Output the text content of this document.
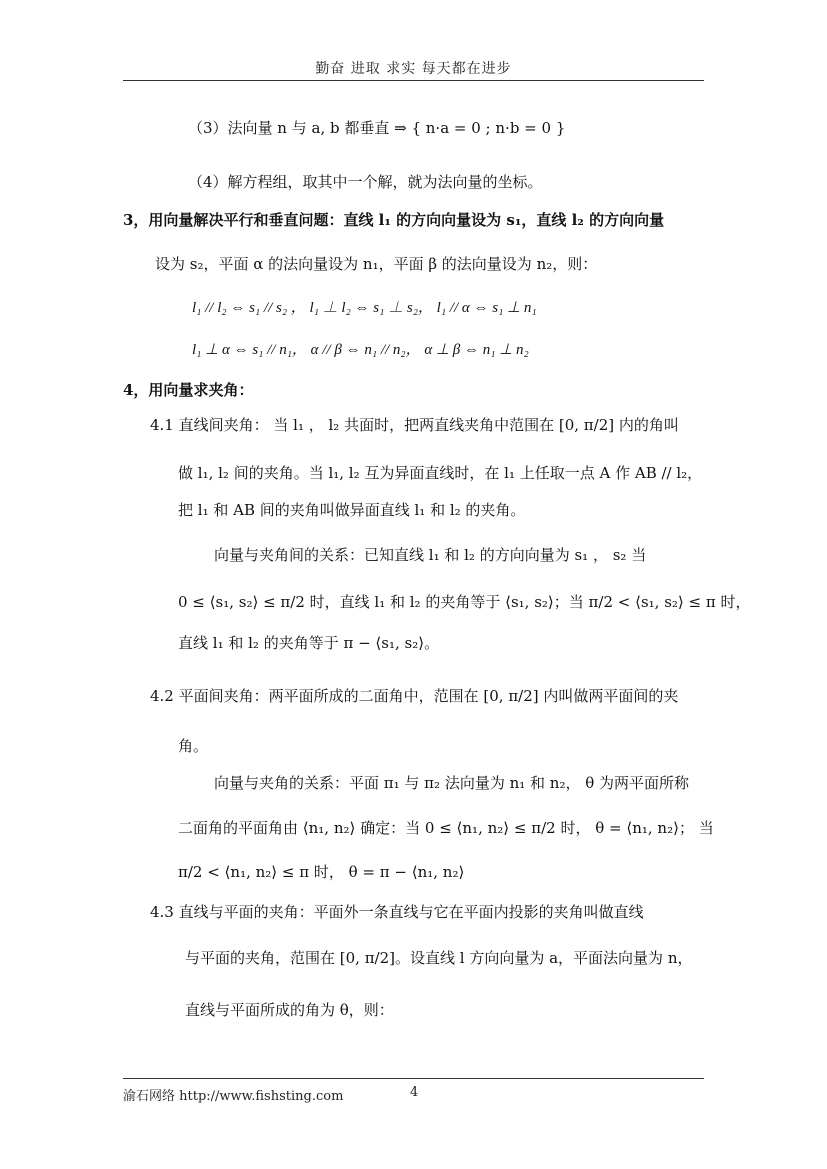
勤奋 进取 求实 每天都在进步
（3）法向量 n 与 a, b 都垂直 ⇒ { n·a = 0 ; n·b = 0 }
（4）解方程组，取其中一个解，就为法向量的坐标。
3，用向量解决平行和垂直问题：直线 l₁ 的方向向量设为 s₁，直线 l₂ 的方向向量
设为 s₂，平面 α 的法向量设为 n₁，平面 β 的法向量设为 n₂，则：
l₁ // l₂ ⇔ s₁ // s₂ ， l₁ ⊥ l₂ ⇔ s₁ ⊥ s₂， l₁ // α ⇔ s₁ ⊥ n₁
l₁ ⊥ α ⇔ s₁ // n₁， α // β ⇔ n₁ // n₂， α ⊥ β ⇔ n₁ ⊥ n₂
4，用向量求夹角：
4.1 直线间夹角： 当 l₁ ， l₂ 共面时，把两直线夹角中范围在 [0, π/2] 内的角叫
做 l₁, l₂ 间的夹角。当 l₁, l₂ 互为异面直线时，在 l₁ 上任取一点 A 作 AB // l₂，
把 l₁ 和 AB 间的夹角叫做异面直线 l₁ 和 l₂ 的夹角。
向量与夹角间的关系：已知直线 l₁ 和 l₂ 的方向向量为 s₁ ， s₂ 当
0 ≤ ⟨s₁, s₂⟩ ≤ π/2 时，直线 l₁ 和 l₂ 的夹角等于 ⟨s₁, s₂⟩；当 π/2 < ⟨s₁, s₂⟩ ≤ π 时，
直线 l₁ 和 l₂ 的夹角等于 π − ⟨s₁, s₂⟩。
4.2 平面间夹角：两平面所成的二面角中，范围在 [0, π/2] 内叫做两平面间的夹
角。
向量与夹角的关系：平面 π₁ 与 π₂ 法向量为 n₁ 和 n₂， θ 为两平面所称
二面角的平面角由 ⟨n₁, n₂⟩ 确定：当 0 ≤ ⟨n₁, n₂⟩ ≤ π/2 时， θ = ⟨n₁, n₂⟩； 当
π/2 < ⟨n₁, n₂⟩ ≤ π 时， θ = π − ⟨n₁, n₂⟩
4.3 直线与平面的夹角：平面外一条直线与它在平面内投影的夹角叫做直线
与平面的夹角，范围在 [0, π/2]。设直线 l 方向向量为 a，平面法向量为 n，
直线与平面所成的角为 θ，则：
渝石网络 http://www.fishsting.com	4
